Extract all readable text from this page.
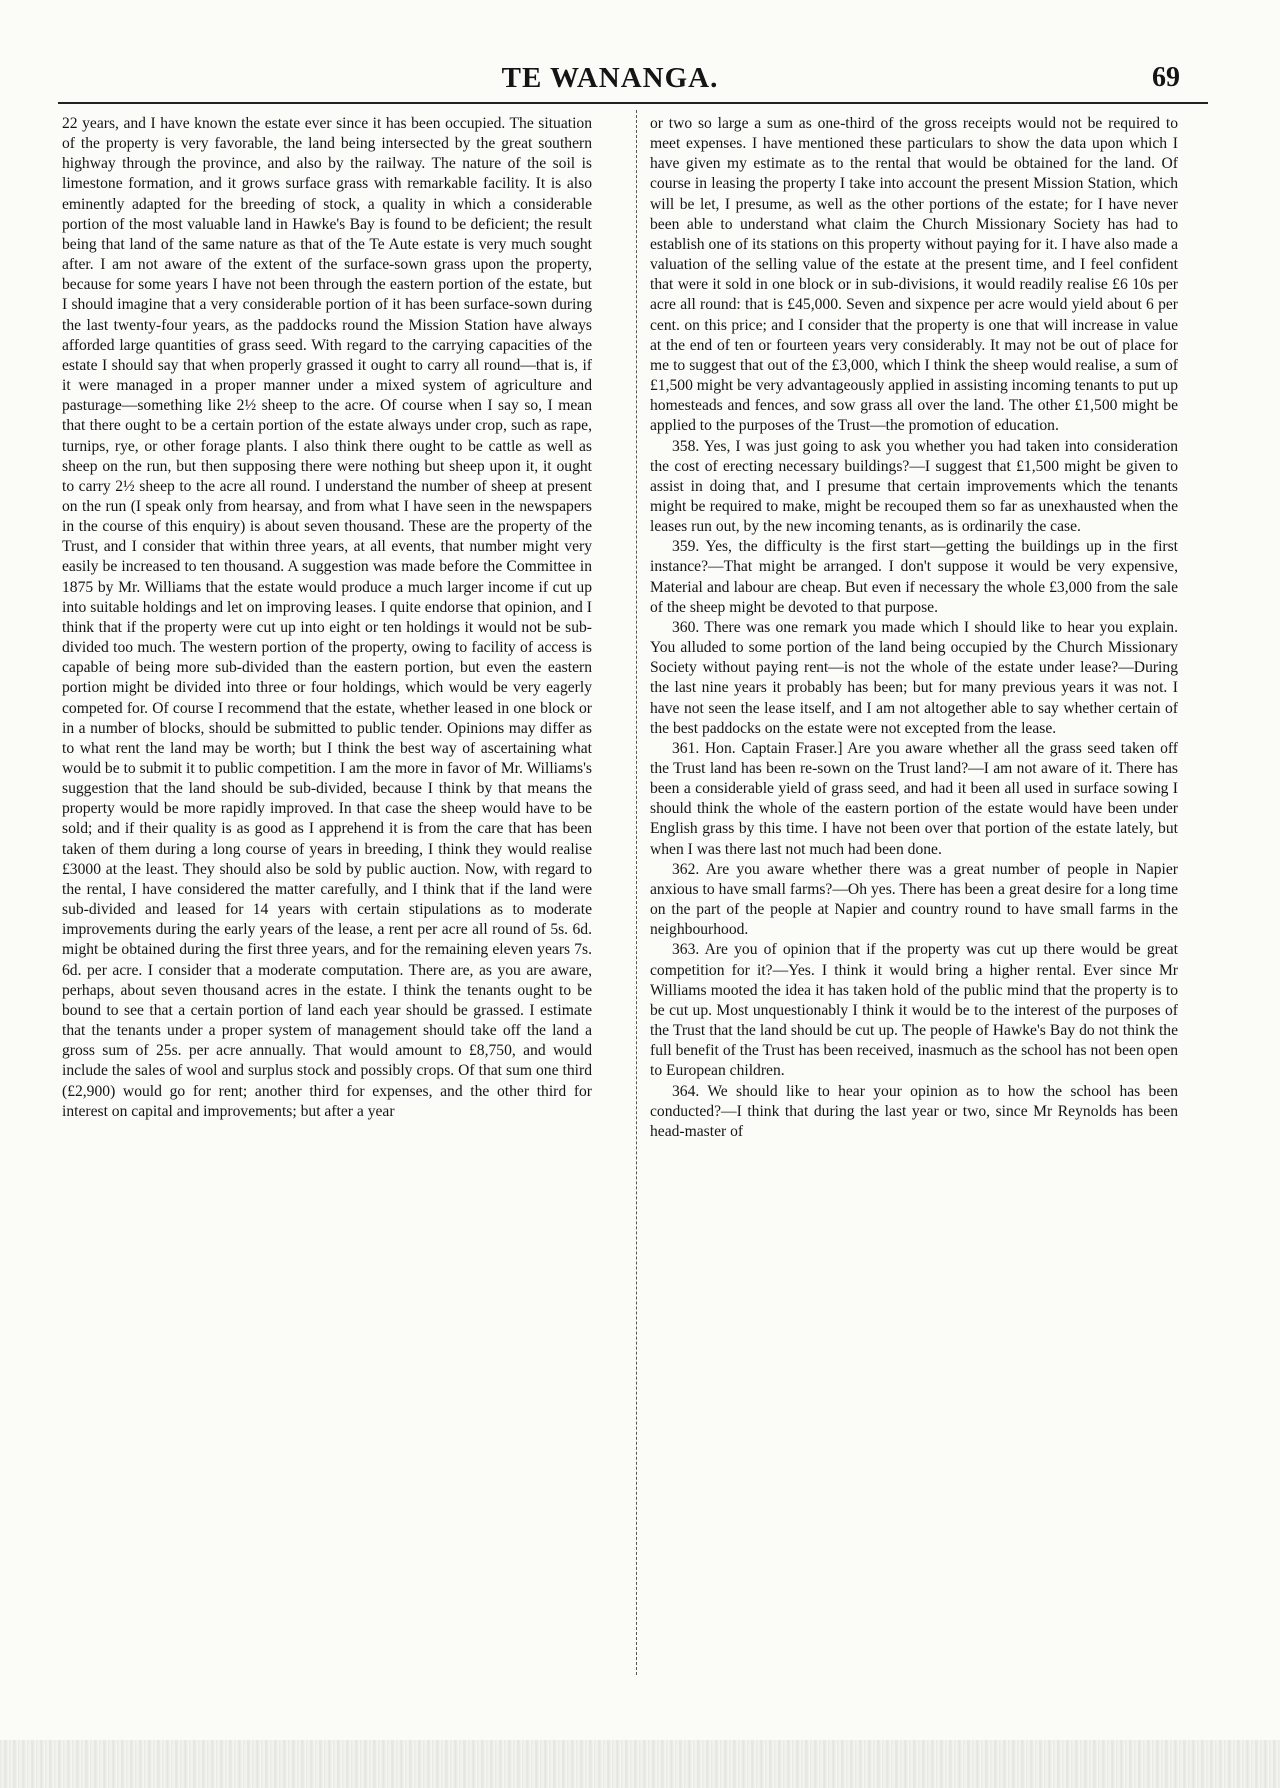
TE WANANGA.	69

22 years, and I have known the estate ever since it has been occupied. The situation of the property is very favorable, the land being intersected by the great southern highway through the province, and also by the railway. The nature of the soil is limestone formation, and it grows surface grass with remarkable facility. It is also eminently adapted for the breeding of stock, a quality in which a considerable portion of the most valuable land in Hawke's Bay is found to be deficient; the result being that land of the same nature as that of the Te Aute estate is very much sought after. I am not aware of the extent of the surface-sown grass upon the property, because for some years I have not been through the eastern portion of the estate, but I should imagine that a very considerable portion of it has been surface-sown during the last twenty-four years, as the paddocks round the Mission Station have always afforded large quantities of grass seed. With regard to the carrying capacities of the estate I should say that when properly grassed it ought to carry all round—that is, if it were managed in a proper manner under a mixed system of agriculture and pasturage—something like 2½ sheep to the acre. Of course when I say so, I mean that there ought to be a certain portion of the estate always under crop, such as rape, turnips, rye, or other forage plants. I also think there ought to be cattle as well as sheep on the run, but then supposing there were nothing but sheep upon it, it ought to carry 2½ sheep to the acre all round. I understand the number of sheep at present on the run (I speak only from hearsay, and from what I have seen in the newspapers in the course of this enquiry) is about seven thousand. These are the property of the Trust, and I consider that within three years, at all events, that number might very easily be increased to ten thousand. A suggestion was made before the Committee in 1875 by Mr. Williams that the estate would produce a much larger income if cut up into suitable holdings and let on improving leases. I quite endorse that opinion, and I think that if the property were cut up into eight or ten holdings it would not be sub-divided too much. The western portion of the property, owing to facility of access is capable of being more sub-divided than the eastern portion, but even the eastern portion might be divided into three or four holdings, which would be very eagerly competed for. Of course I recommend that the estate, whether leased in one block or in a number of blocks, should be submitted to public tender. Opinions may differ as to what rent the land may be worth; but I think the best way of ascertaining what would be to submit it to public competition. I am the more in favor of Mr. Williams's suggestion that the land should be sub-divided, because I think by that means the property would be more rapidly improved. In that case the sheep would have to be sold; and if their quality is as good as I apprehend it is from the care that has been taken of them during a long course of years in breeding, I think they would realise £3000 at the least. They should also be sold by public auction. Now, with regard to the rental, I have considered the matter carefully, and I think that if the land were sub-divided and leased for 14 years with certain stipulations as to moderate improvements during the early years of the lease, a rent per acre all round of 5s. 6d. might be obtained during the first three years, and for the remaining eleven years 7s. 6d. per acre. I consider that a moderate computation. There are, as you are aware, perhaps, about seven thousand acres in the estate. I think the tenants ought to be bound to see that a certain portion of land each year should be grassed. I estimate that the tenants under a proper system of management should take off the land a gross sum of 25s. per acre annually. That would amount to £8,750, and would include the sales of wool and surplus stock and possibly crops. Of that sum one third (£2,900) would go for rent; another third for expenses, and the other third for interest on capital and improvements; but after a year

or two so large a sum as one-third of the gross receipts would not be required to meet expenses. I have mentioned these particulars to show the data upon which I have given my estimate as to the rental that would be obtained for the land. Of course in leasing the property I take into account the present Mission Station, which will be let, I presume, as well as the other portions of the estate; for I have never been able to understand what claim the Church Missionary Society has had to establish one of its stations on this property without paying for it. I have also made a valuation of the selling value of the estate at the present time, and I feel confident that were it sold in one block or in sub-divisions, it would readily realise £6 10s per acre all round: that is £45,000. Seven and sixpence per acre would yield about 6 per cent. on this price; and I consider that the property is one that will increase in value at the end of ten or fourteen years very considerably. It may not be out of place for me to suggest that out of the £3,000, which I think the sheep would realise, a sum of £1,500 might be very advantageously applied in assisting incoming tenants to put up homesteads and fences, and sow grass all over the land. The other £1,500 might be applied to the purposes of the Trust—the promotion of education.

358. Yes, I was just going to ask you whether you had taken into consideration the cost of erecting necessary buildings?—I suggest that £1,500 might be given to assist in doing that, and I presume that certain improvements which the tenants might be required to make, might be recouped them so far as unexhausted when the leases run out, by the new incoming tenants, as is ordinarily the case.

359. Yes, the difficulty is the first start—getting the buildings up in the first instance?—That might be arranged. I don't suppose it would be very expensive, Material and labour are cheap. But even if necessary the whole £3,000 from the sale of the sheep might be devoted to that purpose.

360. There was one remark you made which I should like to hear you explain. You alluded to some portion of the land being occupied by the Church Missionary Society without paying rent—is not the whole of the estate under lease?—During the last nine years it probably has been; but for many previous years it was not. I have not seen the lease itself, and I am not altogether able to say whether certain of the best paddocks on the estate were not excepted from the lease.

361. Hon. Captain Fraser.] Are you aware whether all the grass seed taken off the Trust land has been re-sown on the Trust land?—I am not aware of it. There has been a considerable yield of grass seed, and had it been all used in surface sowing I should think the whole of the eastern portion of the estate would have been under English grass by this time. I have not been over that portion of the estate lately, but when I was there last not much had been done.

362. Are you aware whether there was a great number of people in Napier anxious to have small farms?—Oh yes. There has been a great desire for a long time on the part of the people at Napier and country round to have small farms in the neighbourhood.

363. Are you of opinion that if the property was cut up there would be great competition for it?—Yes. I think it would bring a higher rental. Ever since Mr Williams mooted the idea it has taken hold of the public mind that the property is to be cut up. Most unquestionably I think it would be to the interest of the purposes of the Trust that the land should be cut up. The people of Hawke's Bay do not think the full benefit of the Trust has been received, inasmuch as the school has not been open to European children.

364. We should like to hear your opinion as to how the school has been conducted?—I think that during the last year or two, since Mr Reynolds has been head-master of
